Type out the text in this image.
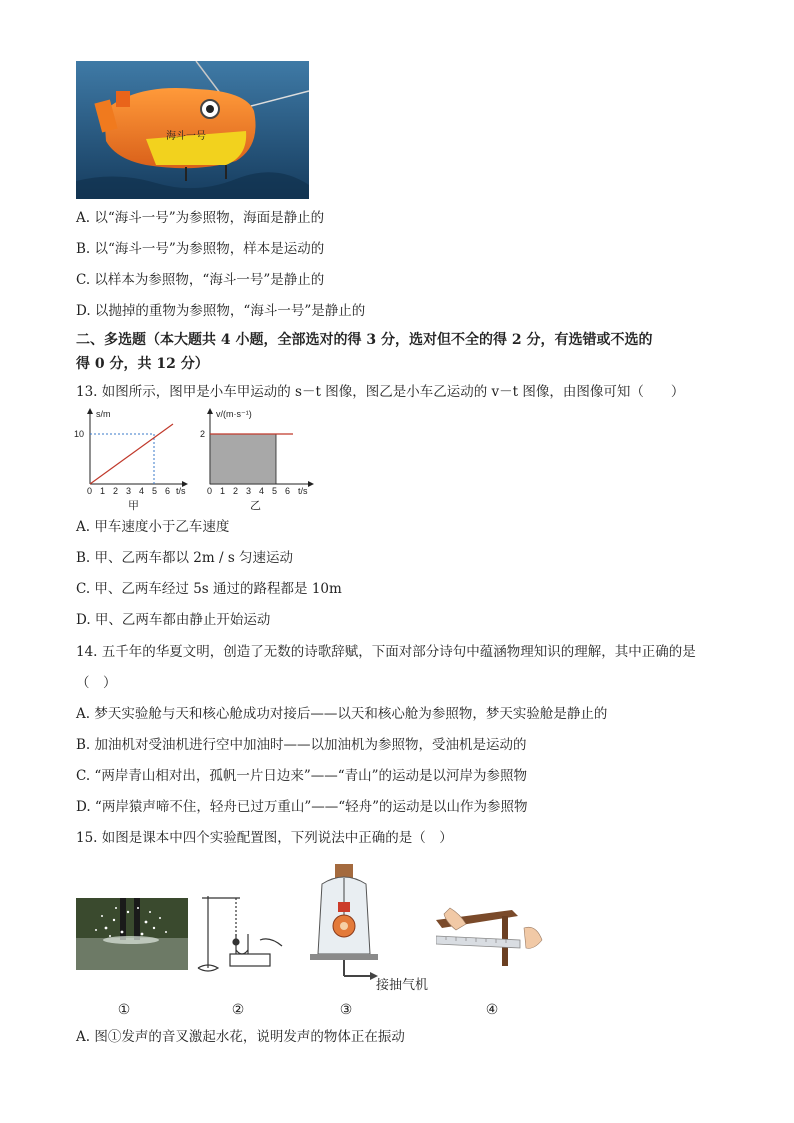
海斗一号
A. 以“海斗一号”为参照物，海面是静止的
B. 以“海斗一号”为参照物，样本是运动的
C. 以样本为参照物，“海斗一号”是静止的
D. 以抛掉的重物为参照物，“海斗一号”是静止的
二、多选题（本大题共 4 小题，全部选对的得 3 分，选对但不全的得 2 分，有选错或不选的
得 0 分，共 12 分）
13. 如图所示，图甲是小车甲运动的 s－t 图像，图乙是小车乙运动的 v－t 图像，由图像可知（　　）
s/m
10
0 1 2 3 4 5 6 t/s
甲
v/(m·s⁻¹)
2
0 1 2 3 4 5 6 t/s
乙
A. 甲车速度小于乙车速度
B. 甲、乙两车都以 2m / s 匀速运动
C. 甲、乙两车经过 5s 通过的路程都是 10m
D. 甲、乙两车都由静止开始运动
14. 五千年的华夏文明，创造了无数的诗歌辞赋，下面对部分诗句中蕴涵物理知识的理解，其中正确的是
（　）
A. 梦天实验舱与天和核心舱成功对接后——以天和核心舱为参照物，梦天实验舱是静止的
B. 加油机对受油机进行空中加油时——以加油机为参照物，受油机是运动的
C. “两岸青山相对出，孤帆一片日边来”——“青山”的运动是以河岸为参照物
D. “两岸猿声啼不住，轻舟已过万重山”——“轻舟”的运动是以山作为参照物
15. 如图是课本中四个实验配置图，下列说法中正确的是（　）
接抽气机
①	②	③	④
A. 图①发声的音叉激起水花，说明发声的物体正在振动
